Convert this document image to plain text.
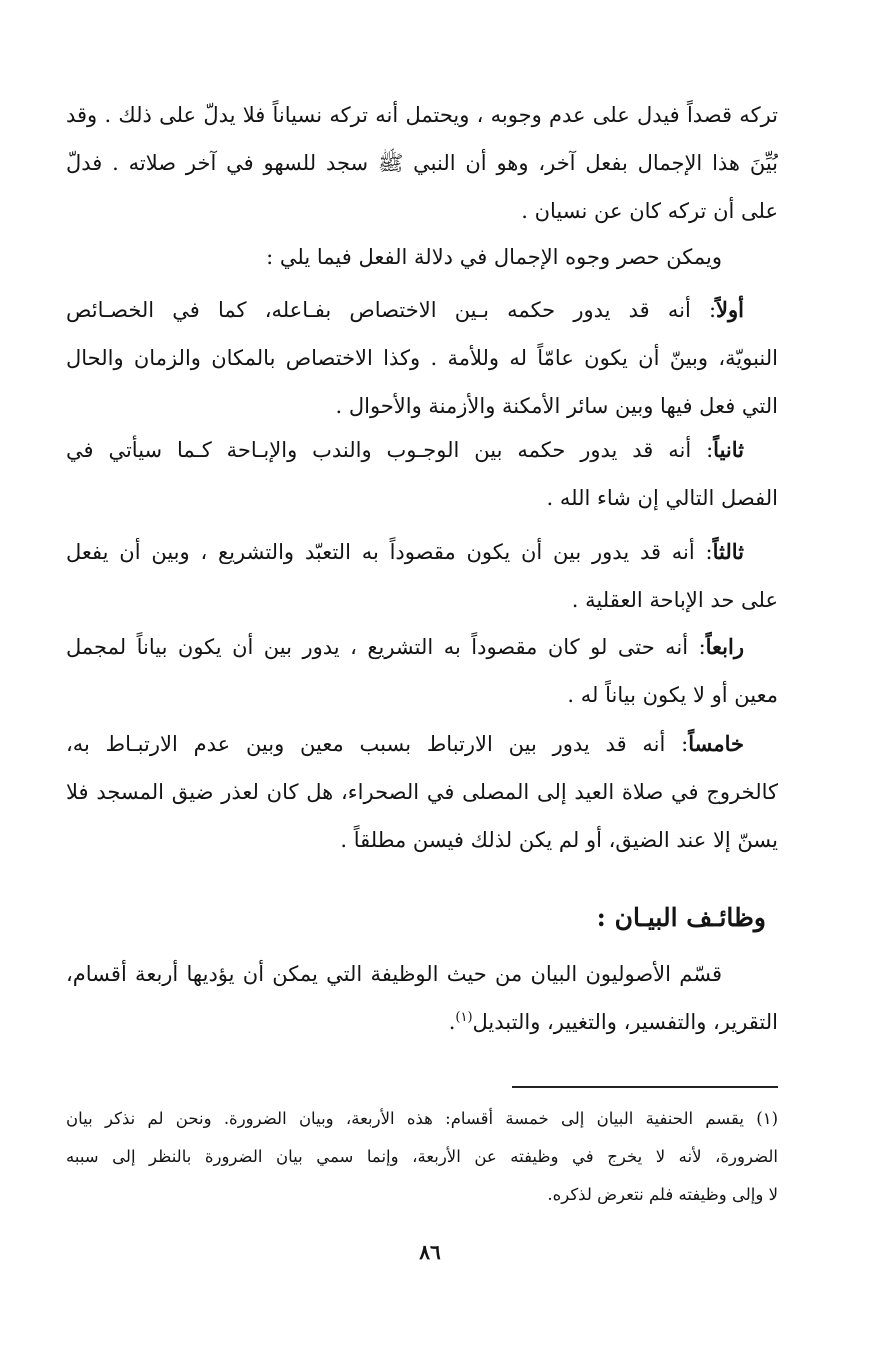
تركه قصداً فيدل على عدم وجوبه ، ويحتمل أنه تركه نسياناً فلا يدلّ على ذلك . وقد
بُيِّنَ هذا الإجمال بفعل آخر، وهو أن النبي ﷺ سجد للسهو في آخر صلاته . فدلّ
على أن تركه كان عن نسيان .
ويمكن حصر وجوه الإجمال في دلالة الفعل فيما يلي :
أولاً: أنه قد يدور حكمه بـين الاختصاص بفـاعله، كما في الخصـائص
النبويّة، وبينّ أن يكون عامّاً له وللأمة . وكذا الاختصاص بالمكان والزمان والحال
التي فعل فيها وبين سائر الأمكنة والأزمنة والأحوال .
ثانياً: أنه قد يدور حكمه بين الوجـوب والندب والإبـاحة كـما سيأتي في
الفصل التالي إن شاء الله .
ثالثاً: أنه قد يدور بين أن يكون مقصوداً به التعبّد والتشريع ، وبين أن يفعل
على حد الإباحة العقلية .
رابعاً: أنه حتى لو كان مقصوداً به التشريع ، يدور بين أن يكون بياناً لمجمل
معين أو لا يكون بياناً له .
خامساً: أنه قد يدور بين الارتباط بسبب معين وبين عدم الارتبـاط به،
كالخروج في صلاة العيد إلى المصلى في الصحراء، هل كان لعذر ضيق المسجد فلا
يسنّ إلا عند الضيق، أو لم يكن لذلك فيسن مطلقاً .
وظائـف البيـان :
قسّم الأصوليون البيان من حيث الوظيفة التي يمكن أن يؤديها أربعة أقسام،
التقرير، والتفسير، والتغيير، والتبديل$^{(١)}$.
(١) يقسم الحنفية البيان إلى خمسة أقسام: هذه الأربعة، وبيان الضرورة. ونحن لم نذكر بيان
الضرورة، لأنه لا يخرج في وظيفته عن الأربعة، وإنما سمي بيان الضرورة بالنظر إلى سببه
لا وإلى وظيفته فلم نتعرض لذكره.
٨٦
